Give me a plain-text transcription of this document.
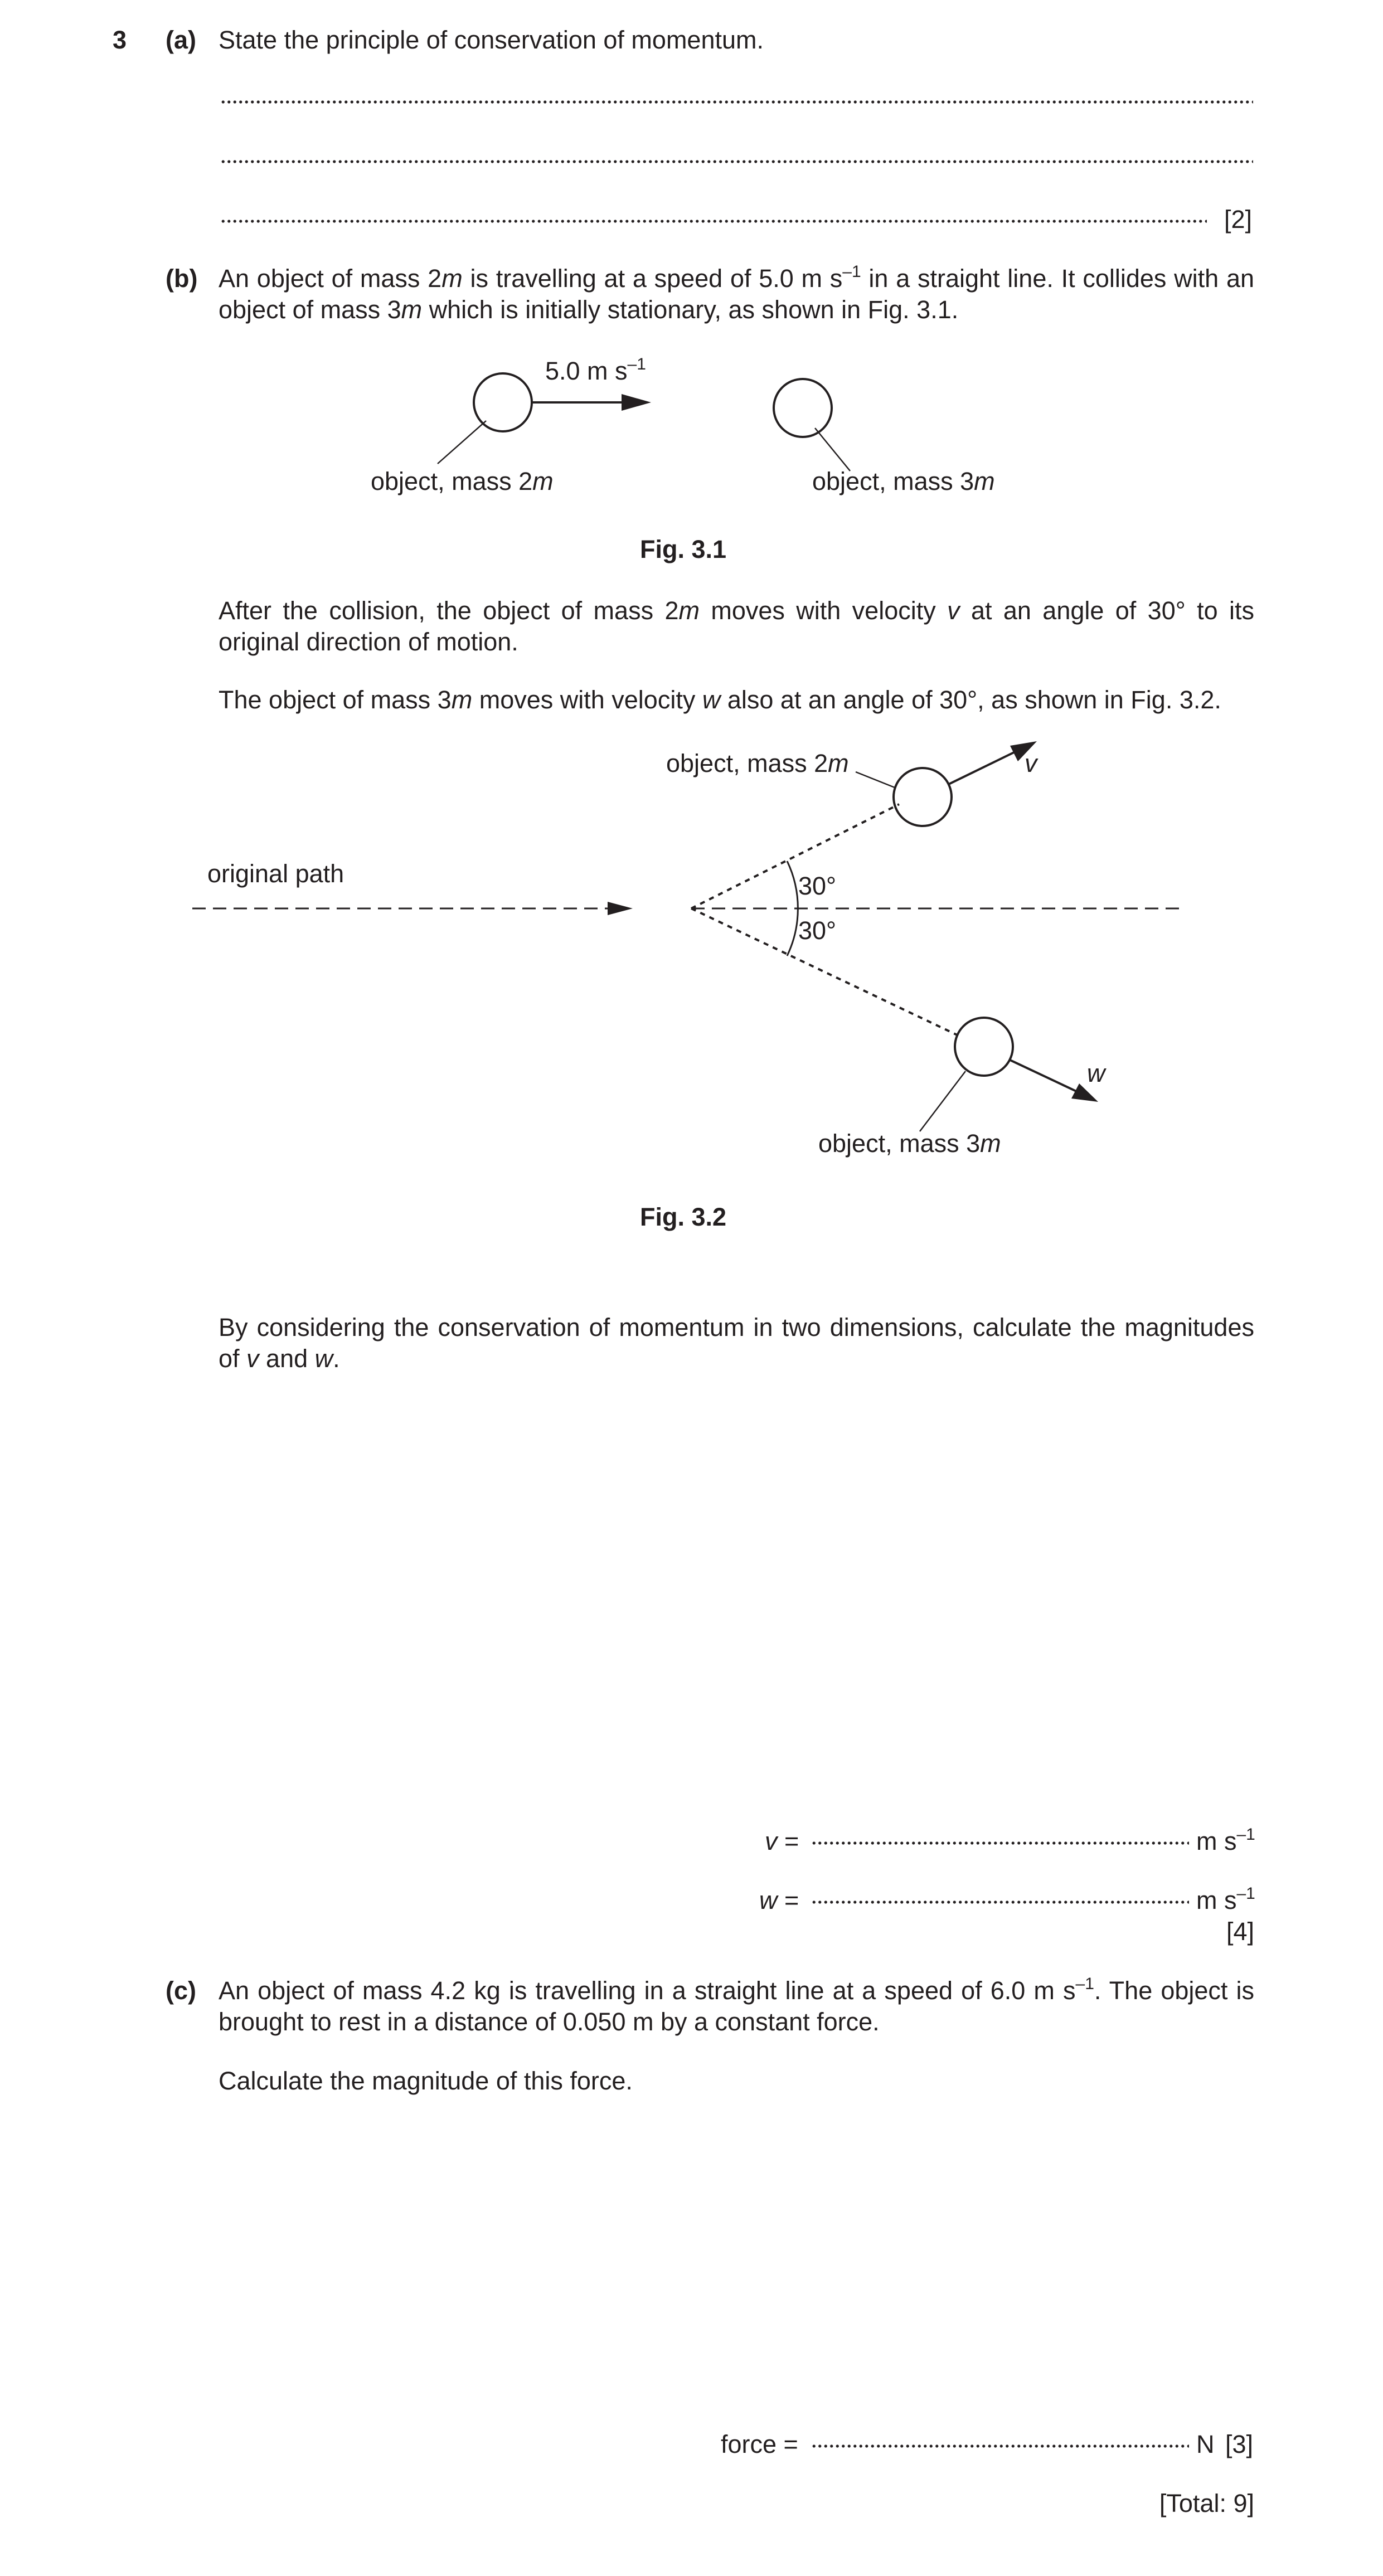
3 (a) State the principle of conservation of momentum.
[2]
(b) An object of mass 2m is travelling at a speed of 5.0 m $s^{-1}$ in a straight line. It collides with an
object of mass 3m which is initially stationary, as shown in Fig. 3.1.
5.0 m $s^{-1}$
object, mass 2m	object, mass 3m
Fig. 3.1
After the collision, the object of mass 2m moves with velocity v at an angle of 30° to its
original direction of motion.
The object of mass 3m moves with velocity w also at an angle of 30°, as shown in Fig. 3.2.
object, mass 2m	v
original path	30°
30°
w
object, mass 3m
Fig. 3.2
By considering the conservation of momentum in two dimensions, calculate the magnitudes
of v and w.
v =	m $s^{-1}$
w =	m $s^{-1}$
[4]
(c) An object of mass 4.2 kg is travelling in a straight line at a speed of 6.0 m $s^{-1}$. The object is
brought to rest in a distance of 0.050 m by a constant force.
Calculate the magnitude of this force.
force =	N [3]
[Total: 9]
